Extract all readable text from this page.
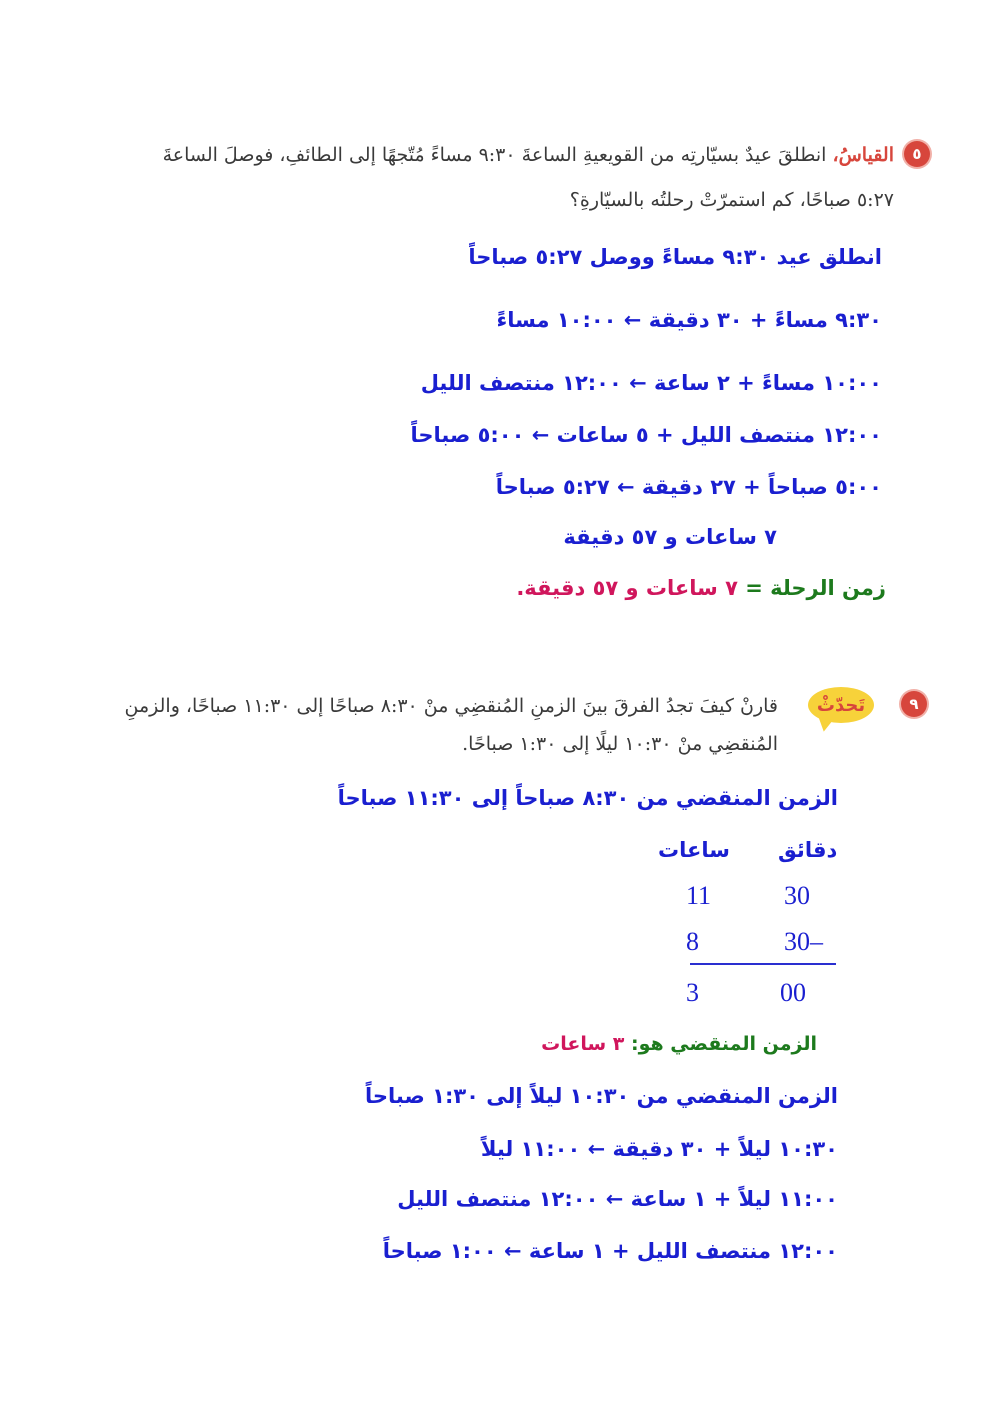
٥
القياسُ، انطلقَ عيدٌ بسيّارتِه من القويعيةِ الساعةَ ٩:٣٠ مساءً مُتّجهًا إلى الطائفِ، فوصلَ الساعةَ
٥:٢٧ صباحًا، كم استمرّتْ رحلتُه بالسيّارةِ؟
انطلق عيد ٩:٣٠ مساءً ووصل ٥:٢٧ صباحاً
٩:٣٠ مساءً + ٣٠ دقيقة ← ١٠:٠٠ مساءً
١٠:٠٠ مساءً + ٢ ساعة ← ١٢:٠٠ منتصف الليل
١٢:٠٠ منتصف الليل + ٥ ساعات ← ٥:٠٠ صباحاً
٥:٠٠ صباحاً + ٢٧ دقيقة ← ٥:٢٧ صباحاً
٧ ساعات و ٥٧ دقيقة
زمن الرحلة = ٧ ساعات و ٥٧ دقيقة.
٩
تَحدّثْ
قارنْ كيفَ تجدُ الفرقَ بينَ الزمنِ المُنقضِي منْ ٨:٣٠ صباحًا إلى ١١:٣٠ صباحًا، والزمنِ
المُنقضِي منْ ١٠:٣٠ ليلًا إلى ١:٣٠ صباحًا.
الزمن المنقضي من ٨:٣٠ صباحاً إلى ١١:٣٠ صباحاً
ساعات دقائق
11	30
8	30–
3	00
الزمن المنقضي هو: ٣ ساعات
الزمن المنقضي من ١٠:٣٠ ليلاً إلى ١:٣٠ صباحاً
١٠:٣٠ ليلاً + ٣٠ دقيقة ← ١١:٠٠ ليلاً
١١:٠٠ ليلاً + ١ ساعة ← ١٢:٠٠ منتصف الليل
١٢:٠٠ منتصف الليل + ١ ساعة ← ١:٠٠ صباحاً
